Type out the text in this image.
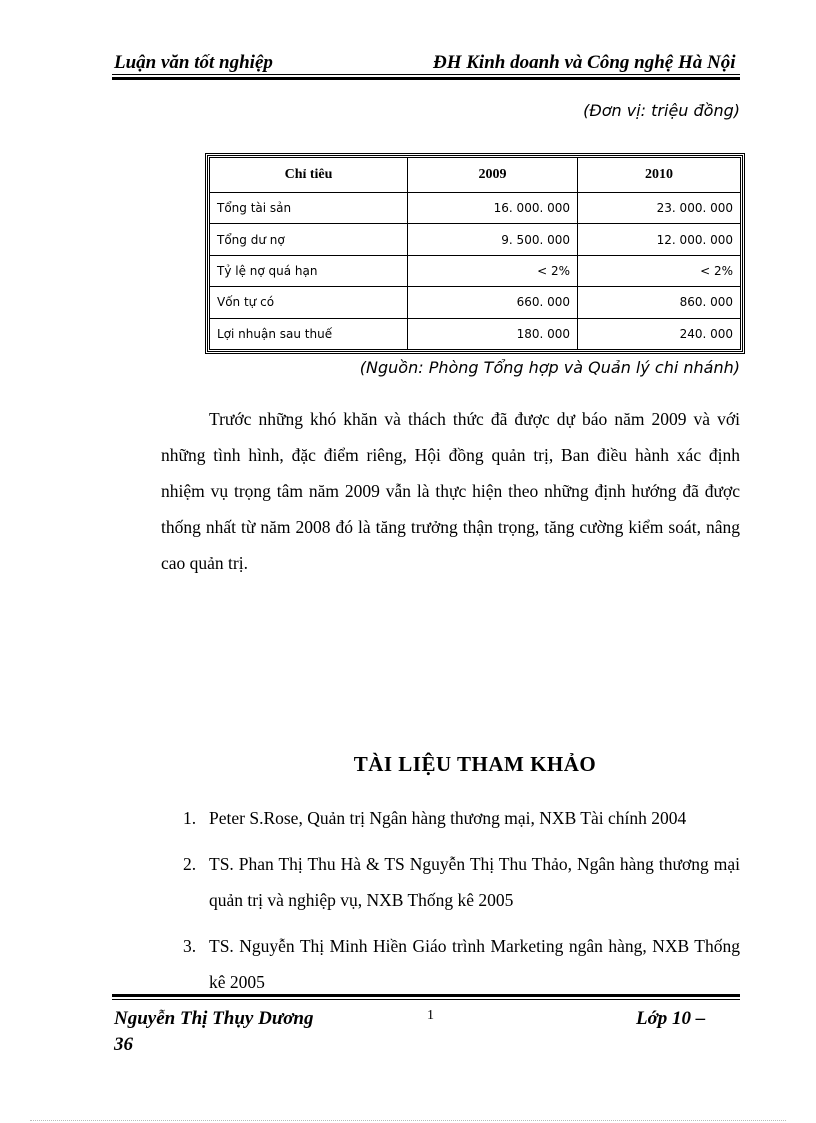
Luận văn tốt nghiệp	ĐH Kinh doanh và Công nghệ Hà Nội
(Đơn vị: triệu đồng)
Chỉ tiêu	2009	2010
Tổng tài sản	16. 000. 000	23. 000. 000
Tổng dư nợ	9. 500. 000	12. 000. 000
Tỷ lệ nợ quá hạn	< 2%	< 2%
Vốn tự có	660. 000	860. 000
Lợi nhuận sau thuế	180. 000	240. 000
(Nguồn: Phòng Tổng hợp và Quản lý chi nhánh)

Trước những khó khăn và thách thức đã được dự báo năm 2009 và với những tình hình, đặc điểm riêng, Hội đồng quản trị, Ban điều hành xác định nhiệm vụ trọng tâm năm 2009 vẫn là thực hiện theo những định hướng đã được thống nhất từ năm 2008 đó là tăng trưởng thận trọng, tăng cường kiểm soát, nâng cao quản trị.

TÀI LIỆU THAM KHẢO
1. Peter S.Rose, Quản trị Ngân hàng thương mại, NXB Tài chính 2004
2. TS. Phan Thị Thu Hà & TS Nguyễn Thị Thu Thảo, Ngân hàng thương mại quản trị và nghiệp vụ, NXB Thống kê 2005
3. TS. Nguyễn Thị Minh Hiền Giáo trình Marketing ngân hàng, NXB Thống kê 2005
Nguyễn Thị Thụy Dương	1	Lớp 10 –
36
